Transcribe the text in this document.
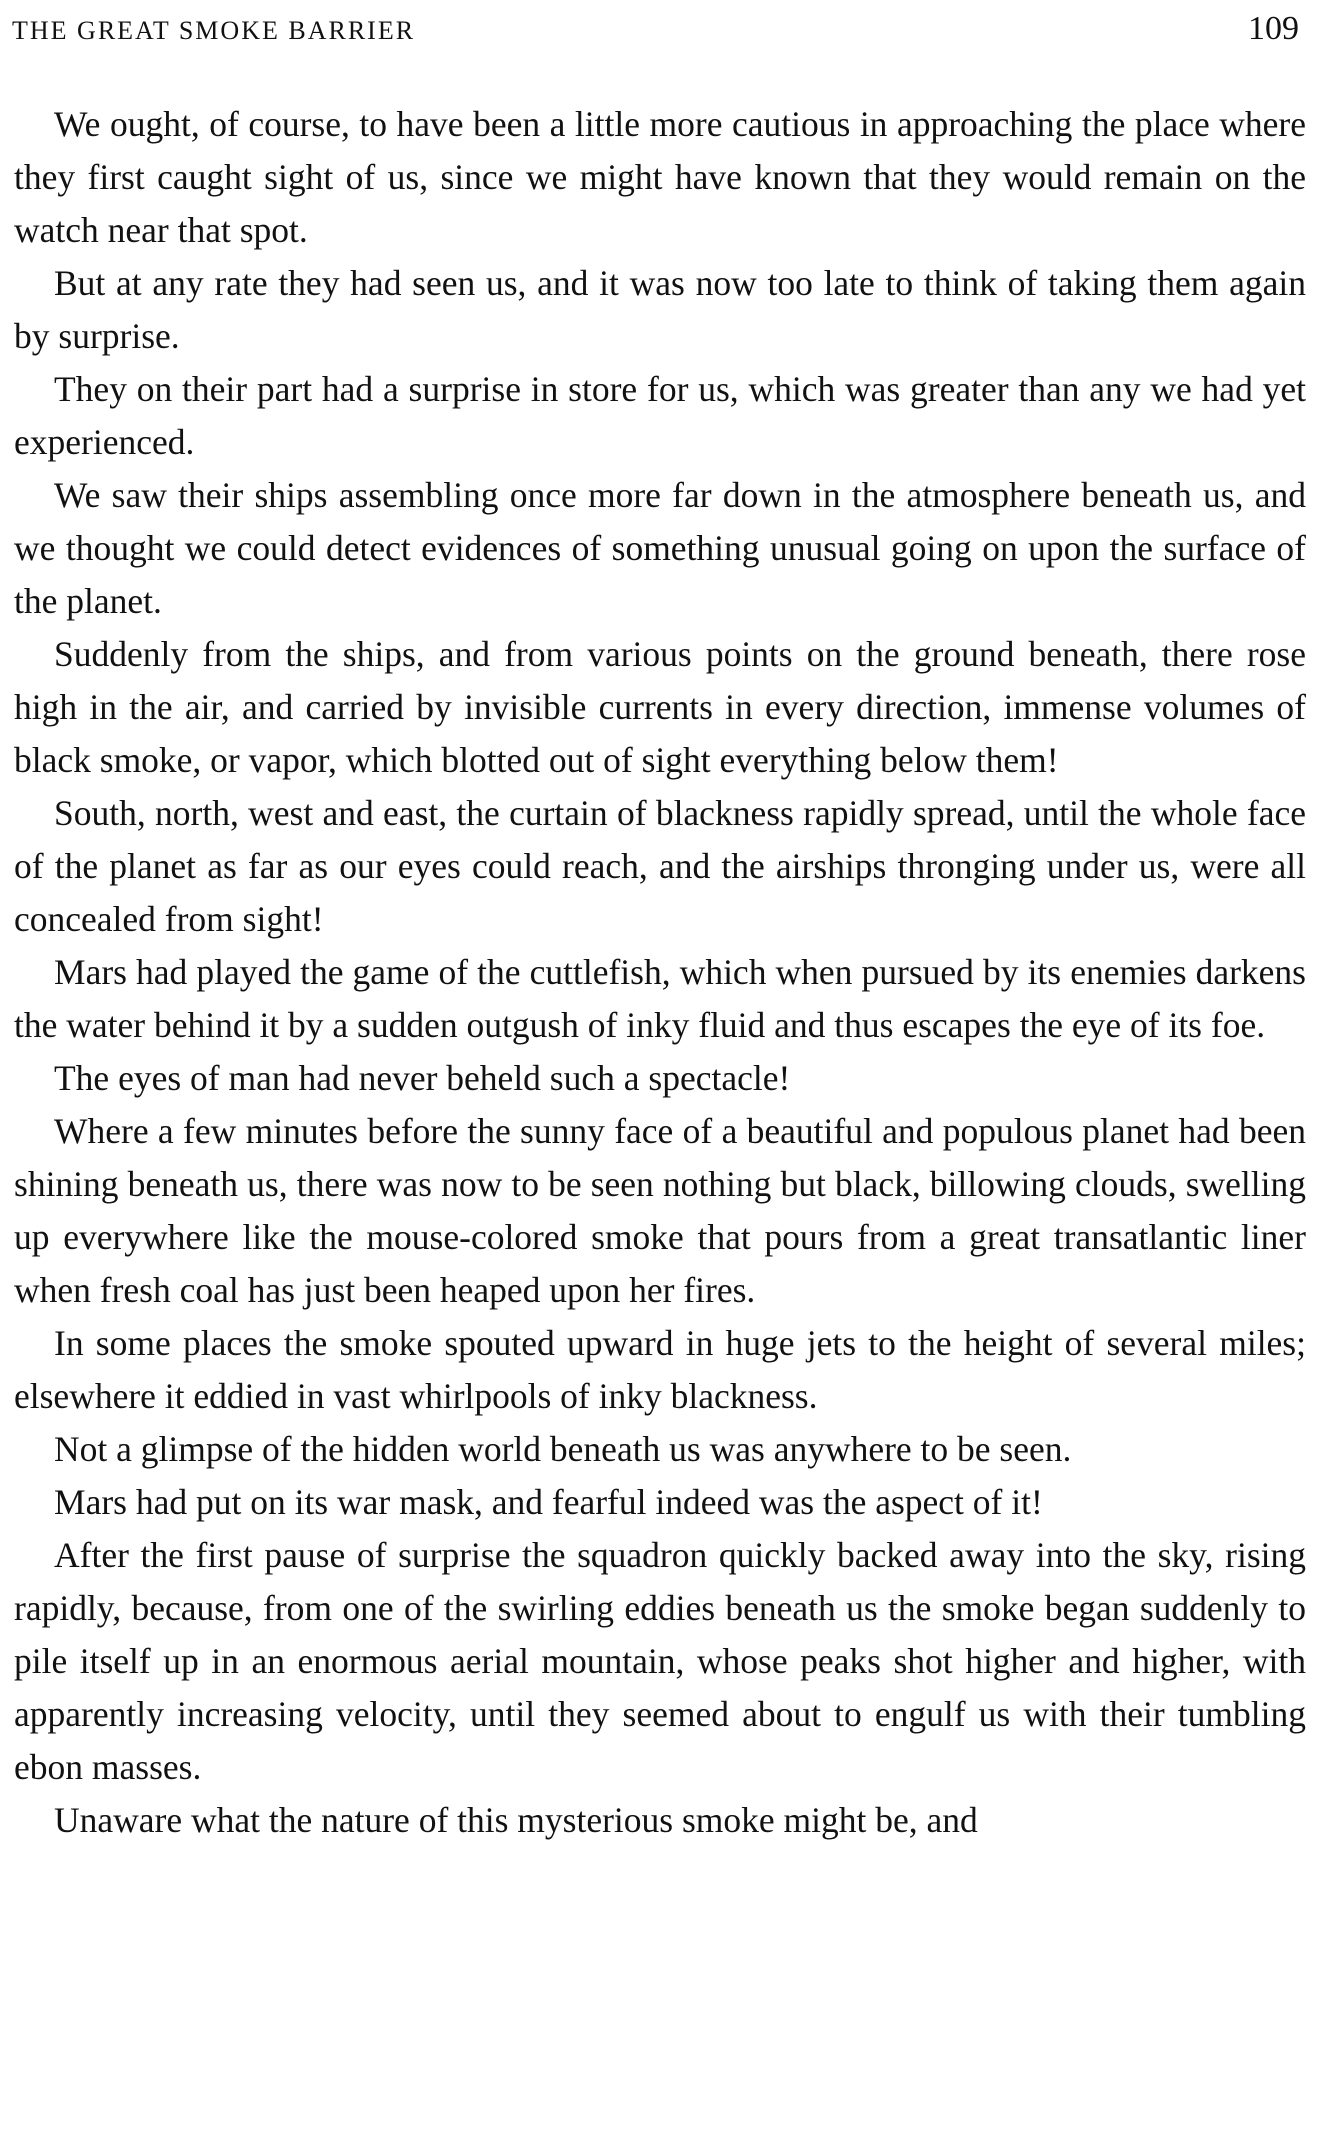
THE GREAT SMOKE BARRIER	109

We ought, of course, to have been a little more cautious in approaching the place where they first caught sight of us, since we might have known that they would remain on the watch near that spot.

But at any rate they had seen us, and it was now too late to think of taking them again by surprise.

They on their part had a surprise in store for us, which was greater than any we had yet experienced.

We saw their ships assembling once more far down in the atmosphere beneath us, and we thought we could detect evidences of something unusual going on upon the surface of the planet.

Suddenly from the ships, and from various points on the ground beneath, there rose high in the air, and carried by invisible currents in every direction, immense volumes of black smoke, or vapor, which blotted out of sight everything below them!

South, north, west and east, the curtain of blackness rapidly spread, until the whole face of the planet as far as our eyes could reach, and the airships thronging under us, were all concealed from sight!

Mars had played the game of the cuttlefish, which when pursued by its enemies darkens the water behind it by a sudden outgush of inky fluid and thus escapes the eye of its foe.

The eyes of man had never beheld such a spectacle!

Where a few minutes before the sunny face of a beautiful and populous planet had been shining beneath us, there was now to be seen nothing but black, billowing clouds, swelling up everywhere like the mouse-colored smoke that pours from a great transatlantic liner when fresh coal has just been heaped upon her fires.

In some places the smoke spouted upward in huge jets to the height of several miles; elsewhere it eddied in vast whirlpools of inky blackness.

Not a glimpse of the hidden world beneath us was anywhere to be seen.

Mars had put on its war mask, and fearful indeed was the aspect of it!

After the first pause of surprise the squadron quickly backed away into the sky, rising rapidly, because, from one of the swirling eddies beneath us the smoke began suddenly to pile itself up in an enormous aerial mountain, whose peaks shot higher and higher, with apparently increasing velocity, until they seemed about to engulf us with their tumbling ebon masses.

Unaware what the nature of this mysterious smoke might be, and
